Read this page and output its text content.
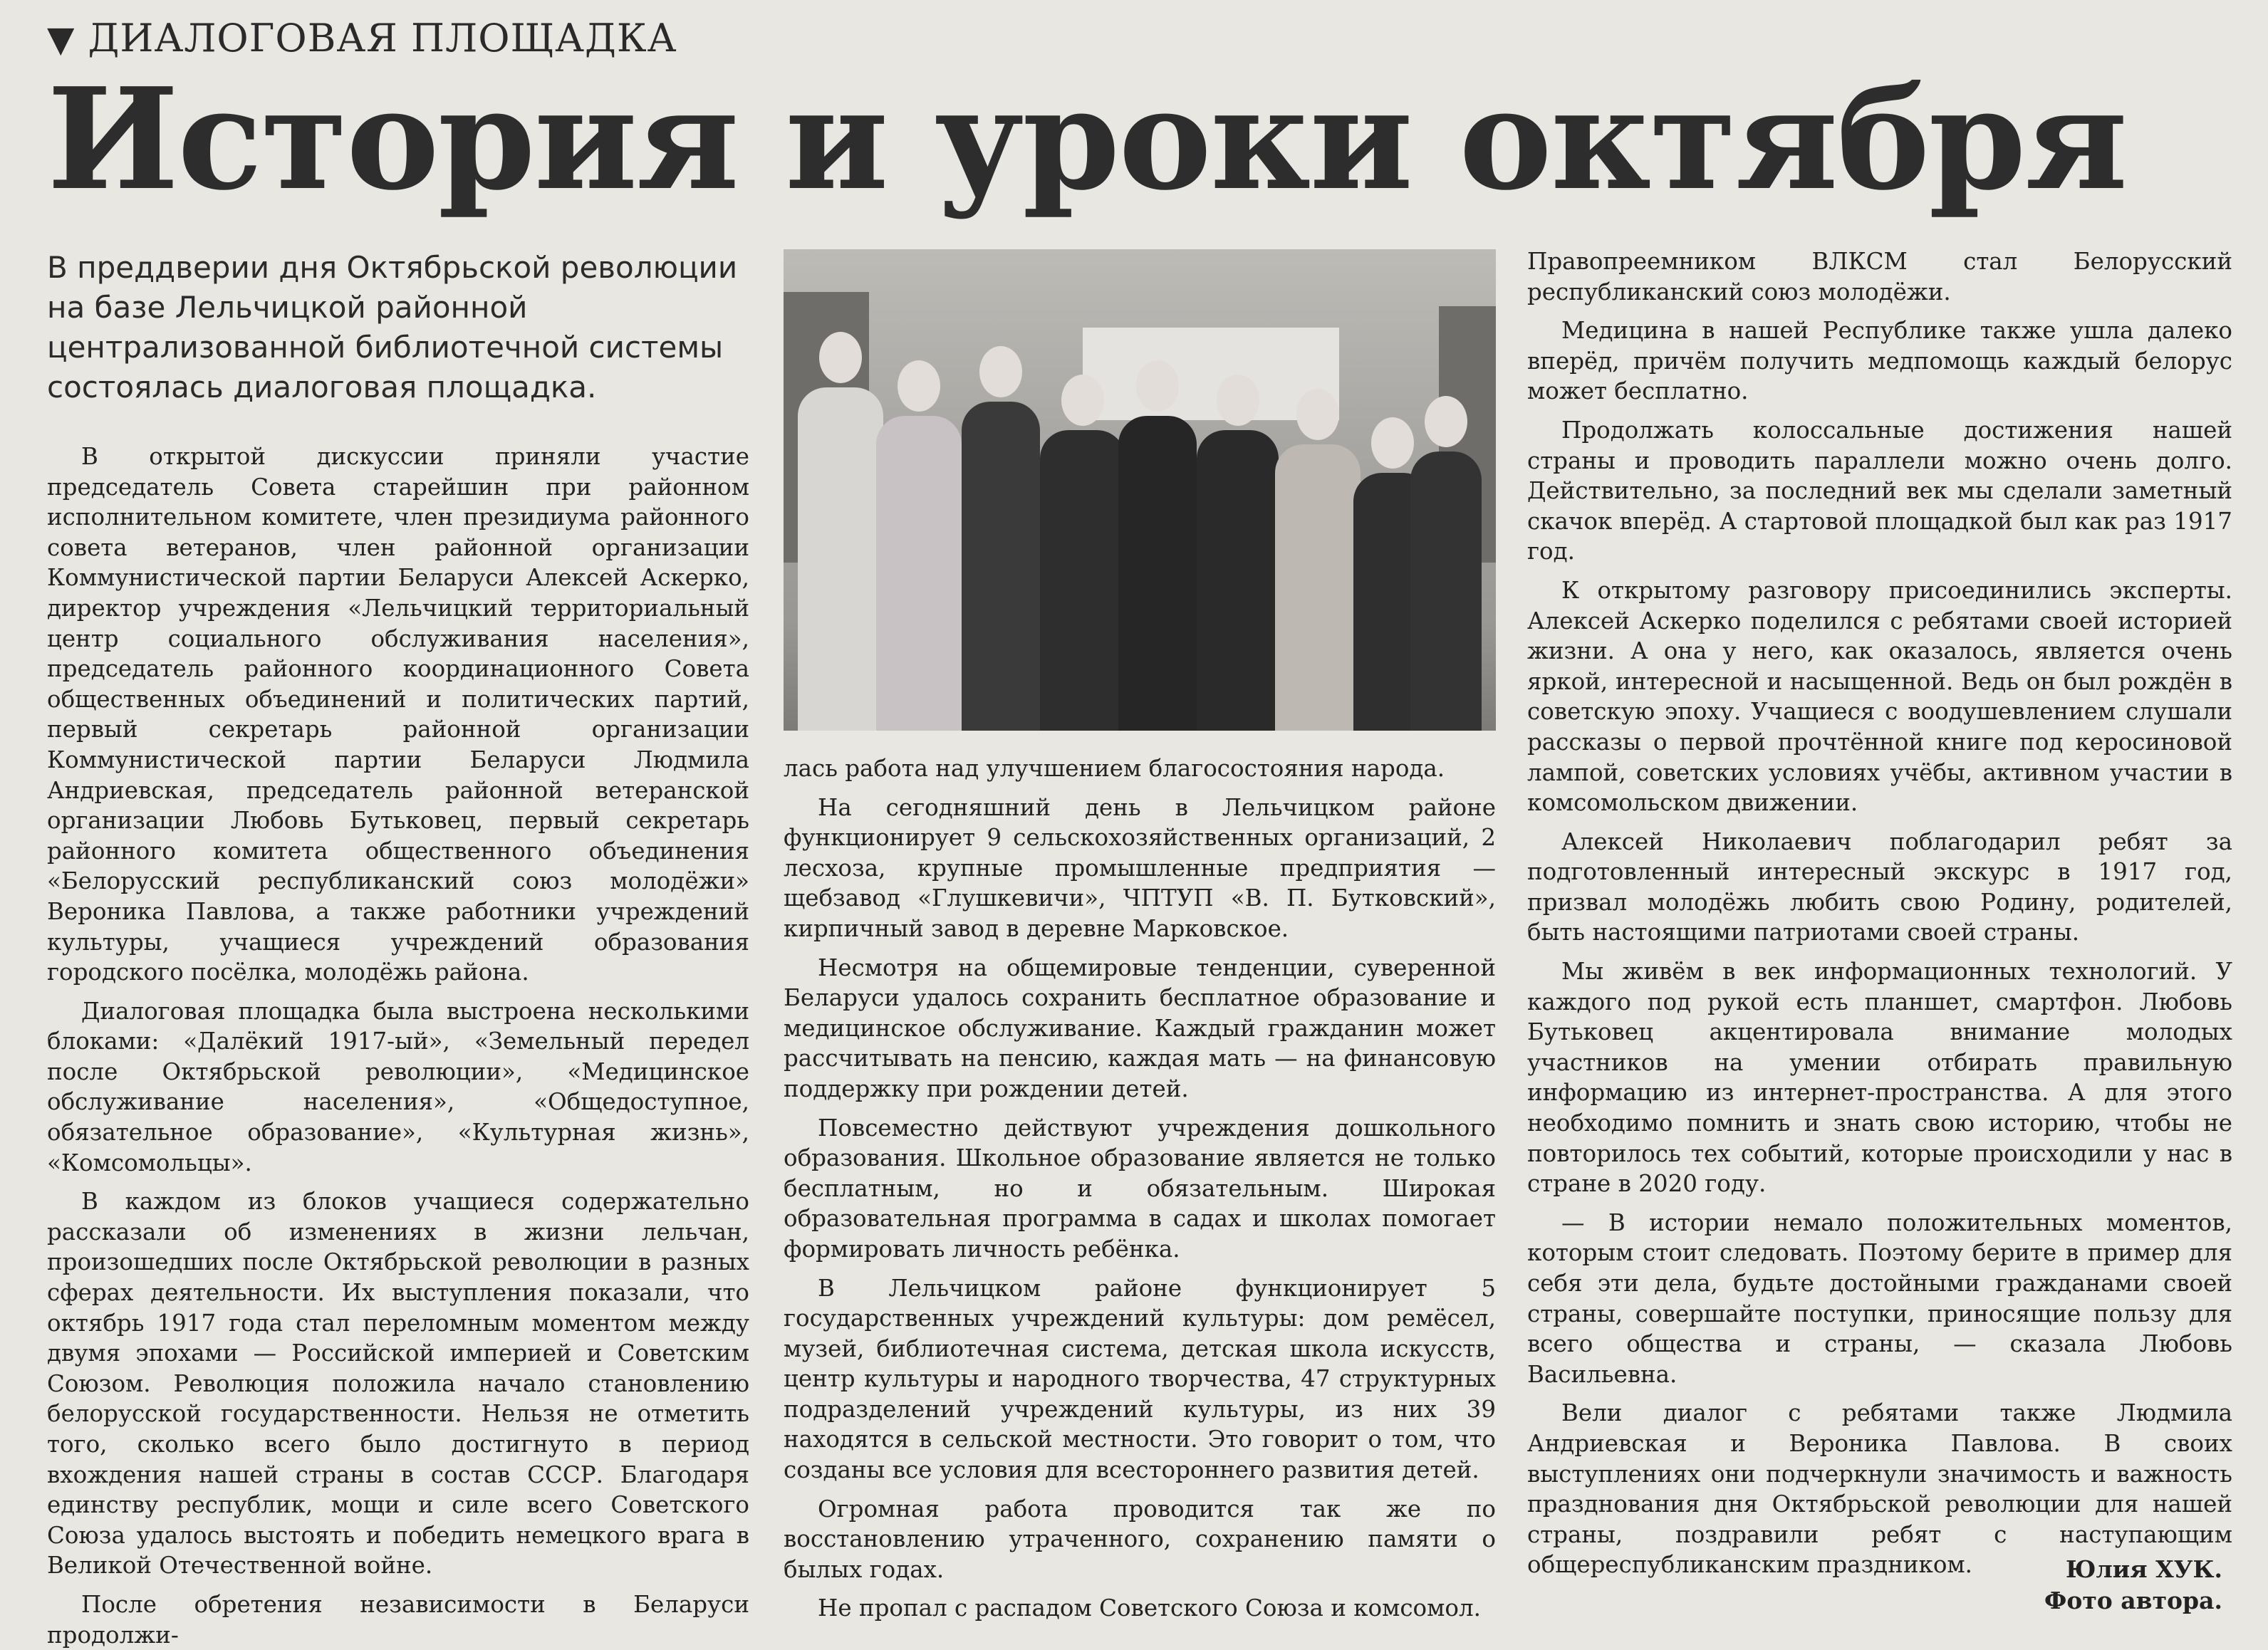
▼ ДИАЛОГОВАЯ ПЛОЩАДКА
История и уроки октября
В преддверии дня Октябрьской революции на базе Лельчицкой районной централизованной библиотечной системы состоялась диалоговая площадка.

В открытой дискуссии приняли участие председатель Совета старейшин при районном исполнительном комитете, член президиума районного совета ветеранов, член районной организации Коммунистической партии Беларуси Алексей Аскерко, директор учреждения «Лельчицкий территориальный центр социального обслуживания населения», председатель районного координационного Совета общественных объединений и политических партий, первый секретарь районной организации Коммунистической партии Беларуси Людмила Андриевская, председатель районной ветеранской организации Любовь Бутьковец, первый секретарь районного комитета общественного объединения «Белорусский республиканский союз молодёжи» Вероника Павлова, а также работники учреждений культуры, учащиеся учреждений образования городского посёлка, молодёжь района.

Диалоговая площадка была выстроена несколькими блоками: «Далёкий 1917-ый», «Земельный передел после Октябрьской революции», «Медицинское обслуживание населения», «Общедоступное, обязательное образование», «Культурная жизнь», «Комсомольцы».

В каждом из блоков учащиеся содержательно рассказали об изменениях в жизни лельчан, произошедших после Октябрьской революции в разных сферах деятельности. Их выступления показали, что октябрь 1917 года стал переломным моментом между двумя эпохами — Российской империей и Советским Союзом. Революция положила начало становлению белорусской государственности. Нельзя не отметить того, сколько всего было достигнуто в период вхождения нашей страны в состав СССР. Благодаря единству республик, мощи и силе всего Советского Союза удалось выстоять и победить немецкого врага в Великой Отечественной войне.

После обретения независимости в Беларуси продолжи-

лась работа над улучшением благосостояния народа.

На сегодняшний день в Лельчицком районе функционирует 9 сельскохозяйственных организаций, 2 лесхоза, крупные промышленные предприятия — щебзавод «Глушкевичи», ЧПТУП «В. П. Бутковский», кирпичный завод в деревне Марковское.

Несмотря на общемировые тенденции, суверенной Беларуси удалось сохранить бесплатное образование и медицинское обслуживание. Каждый гражданин может рассчитывать на пенсию, каждая мать — на финансовую поддержку при рождении детей.

Повсеместно действуют учреждения дошкольного образования. Школьное образование является не только бесплатным, но и обязательным. Широкая образовательная программа в садах и школах помогает формировать личность ребёнка.

В Лельчицком районе функционирует 5 государственных учреждений культуры: дом ремёсел, музей, библиотечная система, детская школа искусств, центр культуры и народного творчества, 47 структурных подразделений учреждений культуры, из них 39 находятся в сельской местности. Это говорит о том, что созданы все условия для всестороннего развития детей.

Огромная работа проводится так же по восстановлению утраченного, сохранению памяти о былых годах.

Не пропал с распадом Советского Союза и комсомол.

Правопреемником ВЛКСМ стал Белорусский республиканский союз молодёжи.

Медицина в нашей Республике также ушла далеко вперёд, причём получить медпомощь каждый белорус может бесплатно.

Продолжать колоссальные достижения нашей страны и проводить параллели можно очень долго. Действительно, за последний век мы сделали заметный скачок вперёд. А стартовой площадкой был как раз 1917 год.

К открытому разговору присоединились эксперты. Алексей Аскерко поделился с ребятами своей историей жизни. А она у него, как оказалось, является очень яркой, интересной и насыщенной. Ведь он был рождён в советскую эпоху. Учащиеся с воодушевлением слушали рассказы о первой прочтённой книге под керосиновой лампой, советских условиях учёбы, активном участии в комсомольском движении.

Алексей Николаевич поблагодарил ребят за подготовленный интересный экскурс в 1917 год, призвал молодёжь любить свою Родину, родителей, быть настоящими патриотами своей страны.

Мы живём в век информационных технологий. У каждого под рукой есть планшет, смартфон. Любовь Бутьковец акцентировала внимание молодых участников на умении отбирать правильную информацию из интернет-пространства. А для этого необходимо помнить и знать свою историю, чтобы не повторилось тех событий, которые происходили у нас в стране в 2020 году.

— В истории немало положительных моментов, которым стоит следовать. Поэтому берите в пример для себя эти дела, будьте достойными гражданами своей страны, совершайте поступки, приносящие пользу для всего общества и страны, — сказала Любовь Васильевна.

Вели диалог с ребятами также Людмила Андриевская и Вероника Павлова. В своих выступлениях они подчеркнули значимость и важность празднования дня Октябрьской революции для нашей страны, поздравили ребят с наступающим общереспубликанским праздником.	Юлия ХУК.
Фото автора.
